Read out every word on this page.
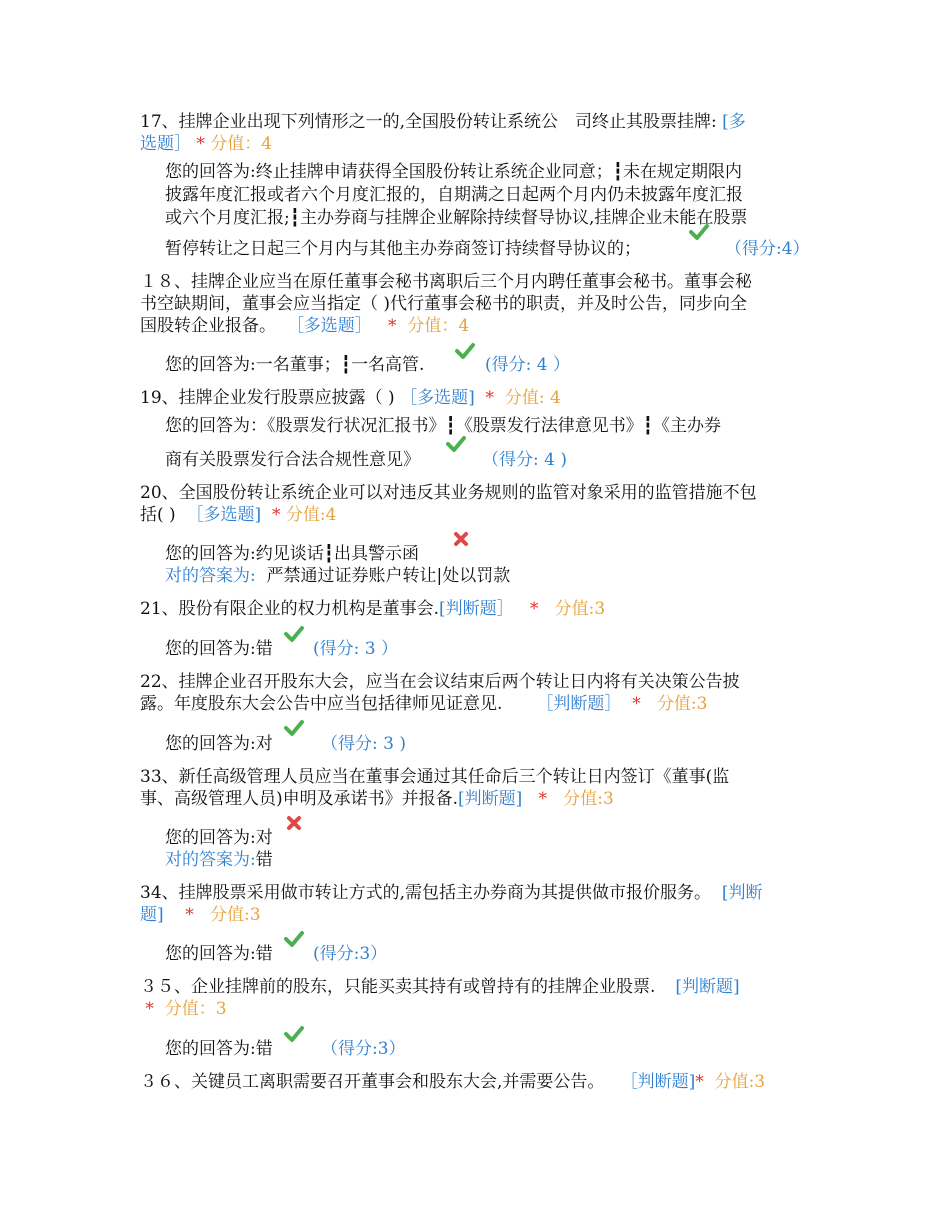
17、挂牌企业出现下列情形之一的,全国股份转让系统公　司终止其股票挂牌: [多
选题］ * 分值：4
您的回答为:终止挂牌申请获得全国股份转让系统企业同意；┇未在规定期限内
披露年度汇报或者六个月度汇报的，自期满之日起两个月内仍未披露年度汇报
或六个月度汇报;┇主办券商与挂牌企业解除持续督导协议,挂牌企业未能在股票
暂停转让之日起三个月内与其他主办券商签订持续督导协议的；	（得分:4）
１８、挂牌企业应当在原任董事会秘书离职后三个月内聘任董事会秘书。董事会秘
书空缺期间，董事会应当指定（ )代行董事会秘书的职责，并及时公告，同步向全
国股转企业报备。 ［多选题］ * 分值：4
您的回答为:一名董事；┇一名高管.	(得分: 4 ）
19、挂牌企业发行股票应披露（ ) ［多选题] * 分值: 4
您的回答为：《股票发行状况汇报书》┇《股票发行法律意见书》┇《主办券
商有关股票发行合法合规性意见》	（得分: 4 )
20、全国股份转让系统企业可以对违反其业务规则的监管对象采用的监管措施不包
括( ) ［多选题] * 分值:4
您的回答为:约见谈话┇出具警示函
对的答案为: 严禁通过证券账户转让|处以罚款
21、股份有限企业的权力机构是董事会.[判断题］ * 分值:3
您的回答为:错 (得分: 3 ）
22、挂牌企业召开股东大会，应当在会议结束后两个转让日内将有关决策公告披
露。年度股东大会公告中应当包括律师见证意见. ［判断题］ * 分值:3
您的回答为:对	（得分: 3 )
33、新任高级管理人员应当在董事会通过其任命后三个转让日内签订《董事(监
事、高级管理人员)申明及承诺书》并报备.[判断题] * 分值:3
您的回答为:对
对的答案为:错
34、挂牌股票采用做市转让方式的,需包括主办券商为其提供做市报价服务。 [判断
题] * 分值:3
您的回答为:错 (得分:3）
３５、企业挂牌前的股东，只能买卖其持有或曾持有的挂牌企业股票. [判断题]
* 分值：3
您的回答为:错	（得分:3）
３６、关键员工离职需要召开董事会和股东大会,并需要公告。 ［判断题]* 分值:3
